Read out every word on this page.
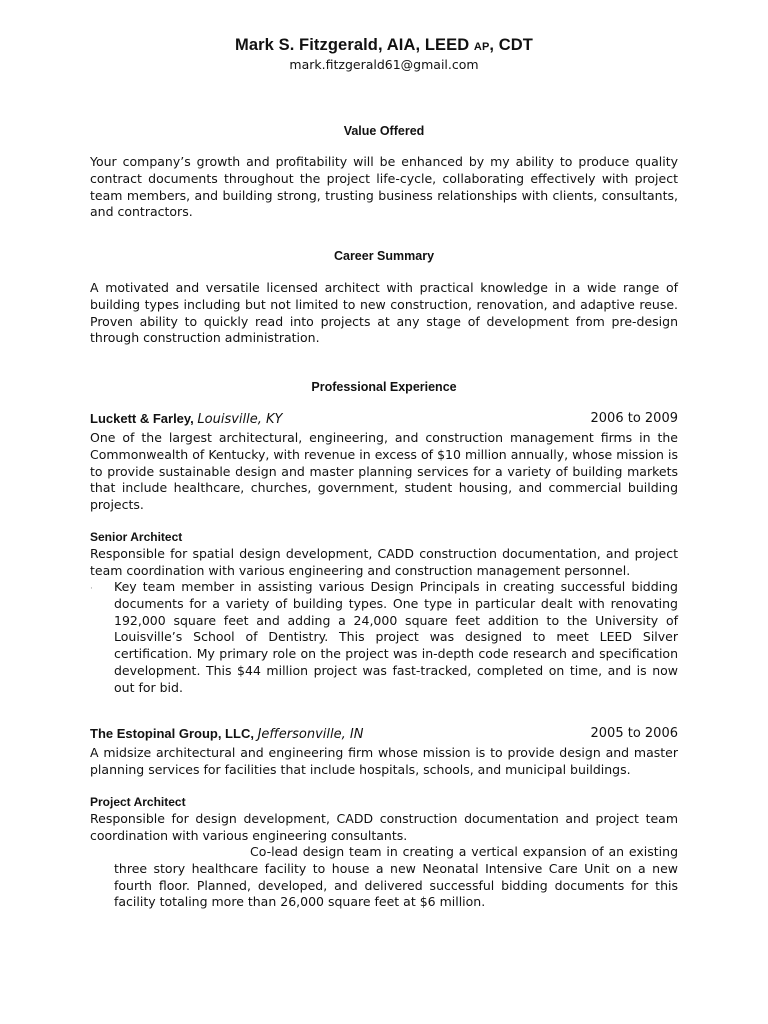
Mark S. Fitzgerald, AIA, LEED AP, CDT
mark.fitzgerald61@gmail.com
Value Offered

Your company’s growth and profitability will be enhanced by my ability to produce quality contract documents throughout the project life-cycle, collaborating effectively with project team members, and building strong, trusting business relationships with clients, consultants, and contractors.

Career Summary

A motivated and versatile licensed architect with practical knowledge in a wide range of building types including but not limited to new construction, renovation, and adaptive reuse. Proven ability to quickly read into projects at any stage of development from pre-design through construction administration.

Professional Experience
Luckett & Farley, Louisville, KY	2006 to 2009

One of the largest architectural, engineering, and construction management firms in the Commonwealth of Kentucky, with revenue in excess of $10 million annually, whose mission is to provide sustainable design and master planning services for a variety of building markets that include healthcare, churches, government, student housing, and commercial building projects.

Senior Architect

Responsible for spatial design development, CADD construction documentation, and project team coordination with various engineering and construction management personnel.

· Key team member in assisting various Design Principals in creating successful bidding documents for a variety of building types. One type in particular dealt with renovating 192,000 square feet and adding a 24,000 square feet addition to the University of Louisville’s School of Dentistry. This project was designed to meet LEED Silver certification. My primary role on the project was in-depth code research and specification development. This $44 million project was fast-tracked, completed on time, and is now out for bid.

The Estopinal Group, LLC, Jeffersonville, IN	2005 to 2006

A midsize architectural and engineering firm whose mission is to provide design and master planning services for facilities that include hospitals, schools, and municipal buildings.

Project Architect

Responsible for design development, CADD construction documentation and project team coordination with various engineering consultants.

Co-lead design team in creating a vertical expansion of an existing three story healthcare facility to house a new Neonatal Intensive Care Unit on a new fourth floor. Planned, developed, and delivered successful bidding documents for this facility totaling more than 26,000 square feet at $6 million.
